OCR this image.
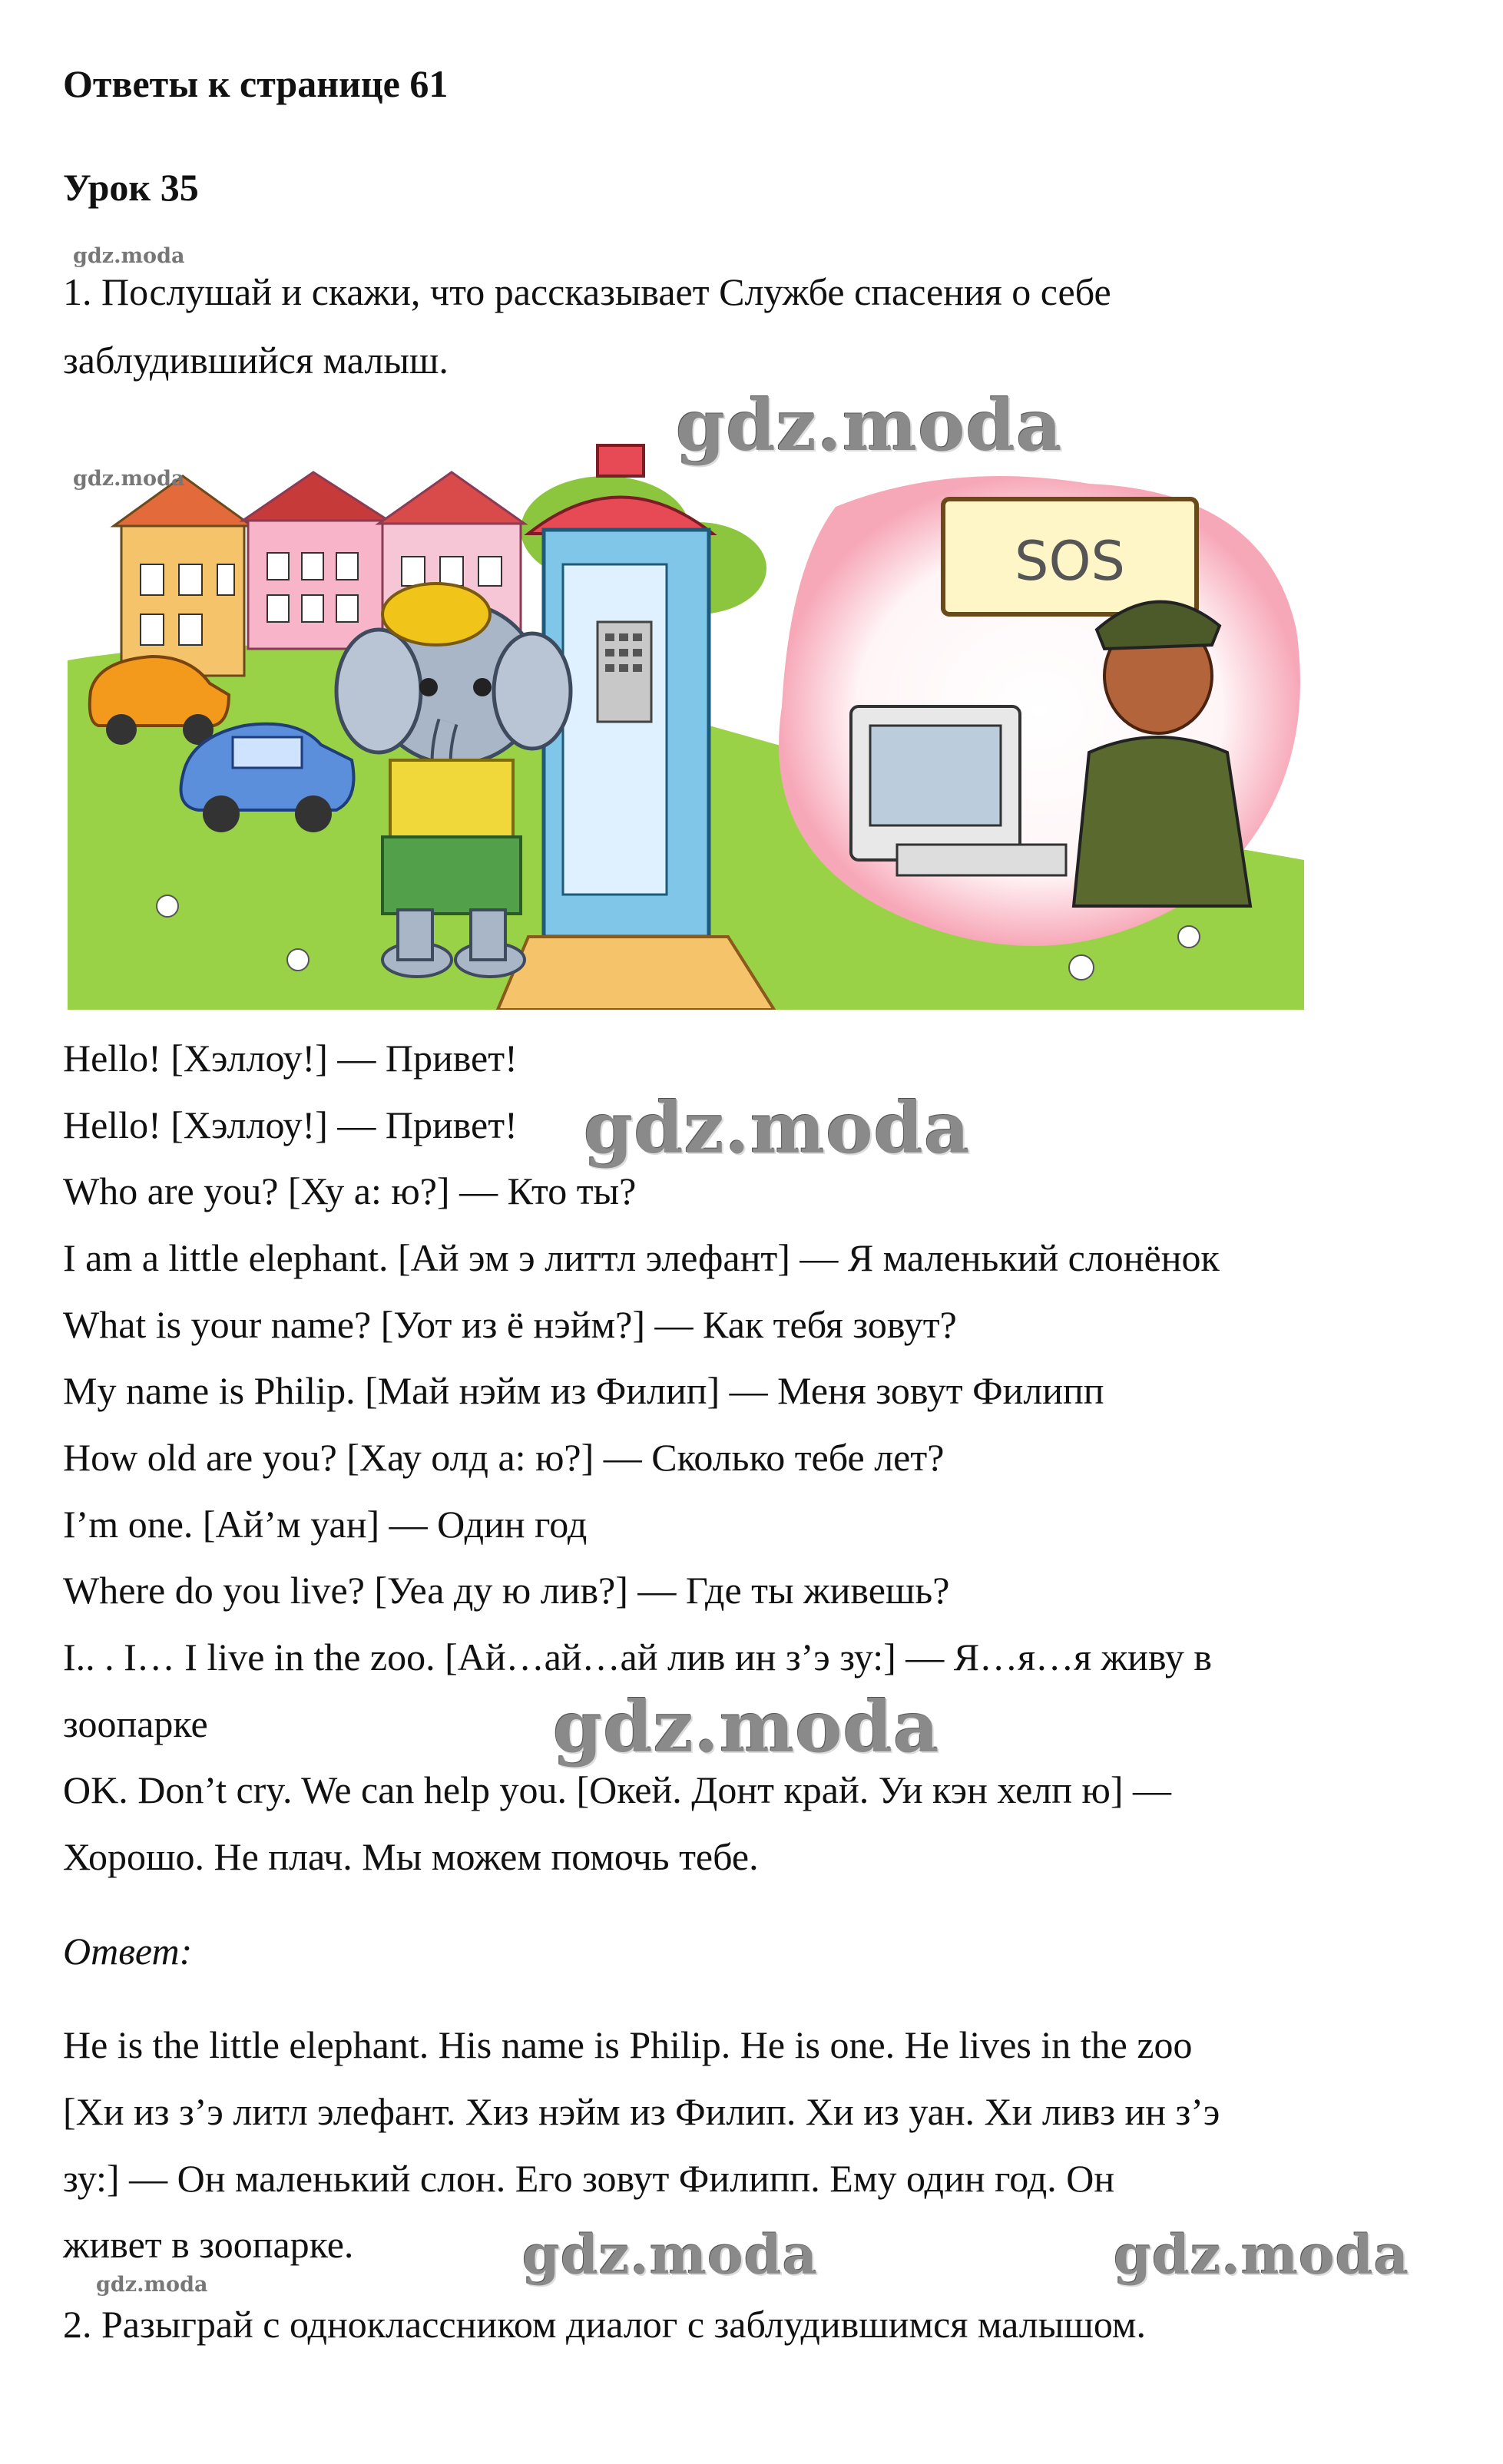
Ответы к странице 61
Урок 35
1. Послушай и скажи, что рассказывает Службе спасения о себе
заблудившийся малыш.
SOS
Hello! [Хэллоу!] — Привет!
Hello! [Хэллоу!] — Привет!
Who are you? [Ху а: ю?] — Кто ты?
I am a little elephant. [Ай эм э литтл элефант] — Я маленький слонёнок
What is your name? [Уот из ё нэйм?] — Как тебя зовут?
My name is Philip. [Май нэйм из Филип] — Меня зовут Филипп
How old are you? [Хау олд а: ю?] — Сколько тебе лет?
I’m one. [Ай’м уан] — Один год
Where do you live? [Уеа ду ю лив?] — Где ты живешь?
I.. . I… I live in the zoo. [Ай…ай…ай лив ин з’э зу:] — Я…я…я живу в
зоопарке
OK. Don’t cry. We can help you. [Окей. Донт край. Уи кэн хелп ю] —
Хорошо. Не плач. Мы можем помочь тебе.
Ответ:
He is the little elephant. His name is Philip. He is one. He lives in the zoo
[Хи из з’э литл элефант. Хиз нэйм из Филип. Хи из уан. Хи ливз ин з’э
зу:] — Он маленький слон. Его зовут Филипп. Ему один год. Он
живет в зоопарке.
2. Разыграй с одноклассником диалог с заблудившимся малышом.
gdz.moda
gdz.moda
gdz.moda
gdz.moda
gdz.moda
gdz.moda
gdz.moda	gdz.moda
